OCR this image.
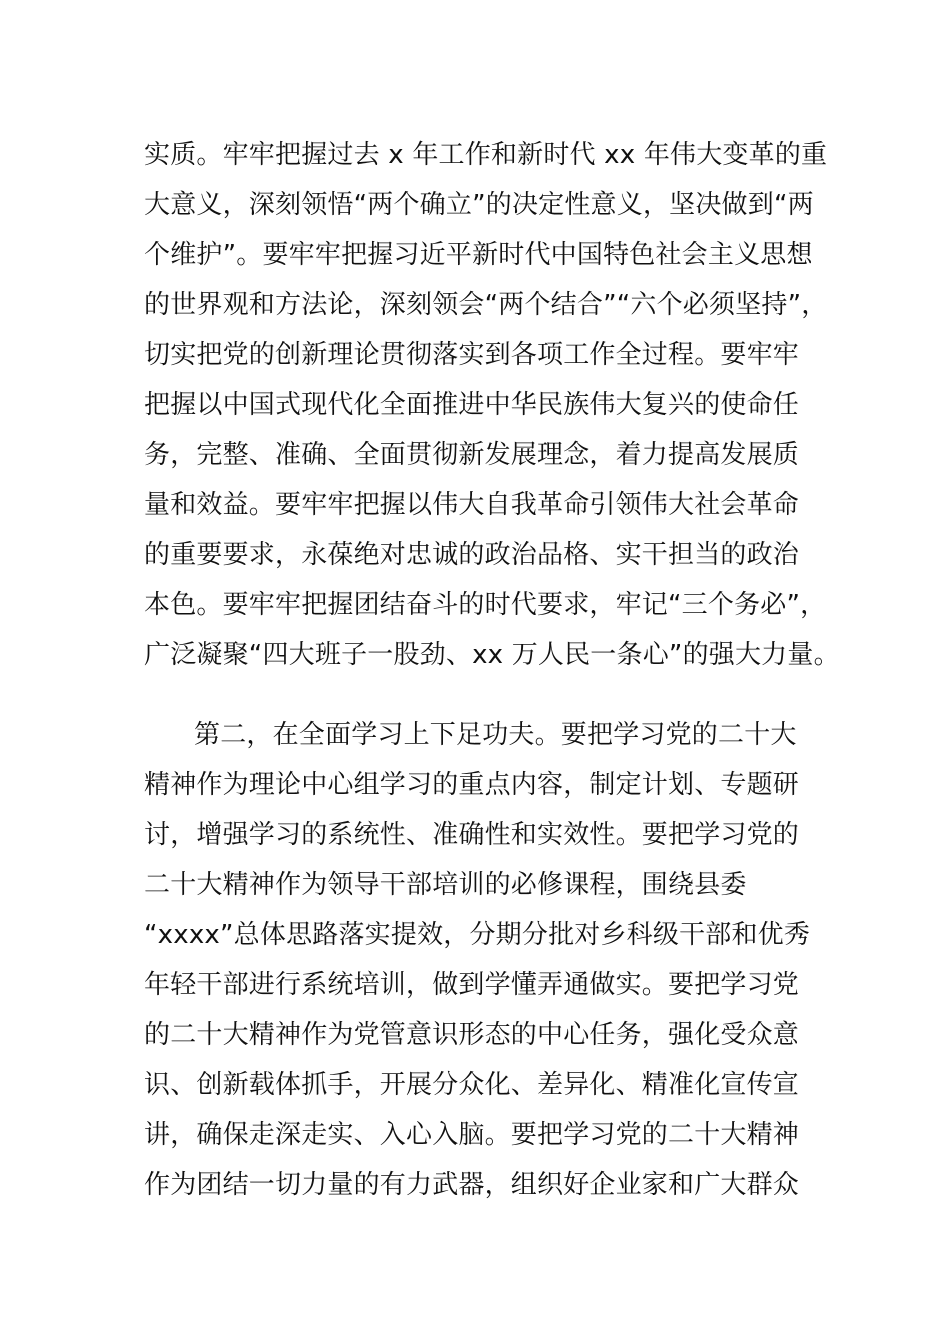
实质。牢牢把握过去 x 年工作和新时代 xx 年伟大变革的重
大意义，深刻领悟“两个确立”的决定性意义，坚决做到“两
个维护”。要牢牢把握习近平新时代中国特色社会主义思想
的世界观和方法论，深刻领会“两个结合”“六个必须坚持”，
切实把党的创新理论贯彻落实到各项工作全过程。要牢牢
把握以中国式现代化全面推进中华民族伟大复兴的使命任
务，完整、准确、全面贯彻新发展理念，着力提高发展质
量和效益。要牢牢把握以伟大自我革命引领伟大社会革命
的重要要求，永葆绝对忠诚的政治品格、实干担当的政治
本色。要牢牢把握团结奋斗的时代要求，牢记“三个务必”，
广泛凝聚“四大班子一股劲、xx 万人民一条心”的强大力量。
第二，在全面学习上下足功夫。要把学习党的二十大
精神作为理论中心组学习的重点内容，制定计划、专题研
讨，增强学习的系统性、准确性和实效性。要把学习党的
二十大精神作为领导干部培训的必修课程，围绕县委
“xxxx”总体思路落实提效，分期分批对乡科级干部和优秀
年轻干部进行系统培训，做到学懂弄通做实。要把学习党
的二十大精神作为党管意识形态的中心任务，强化受众意
识、创新载体抓手，开展分众化、差异化、精准化宣传宣
讲，确保走深走实、入心入脑。要把学习党的二十大精神
作为团结一切力量的有力武器，组织好企业家和广大群众
